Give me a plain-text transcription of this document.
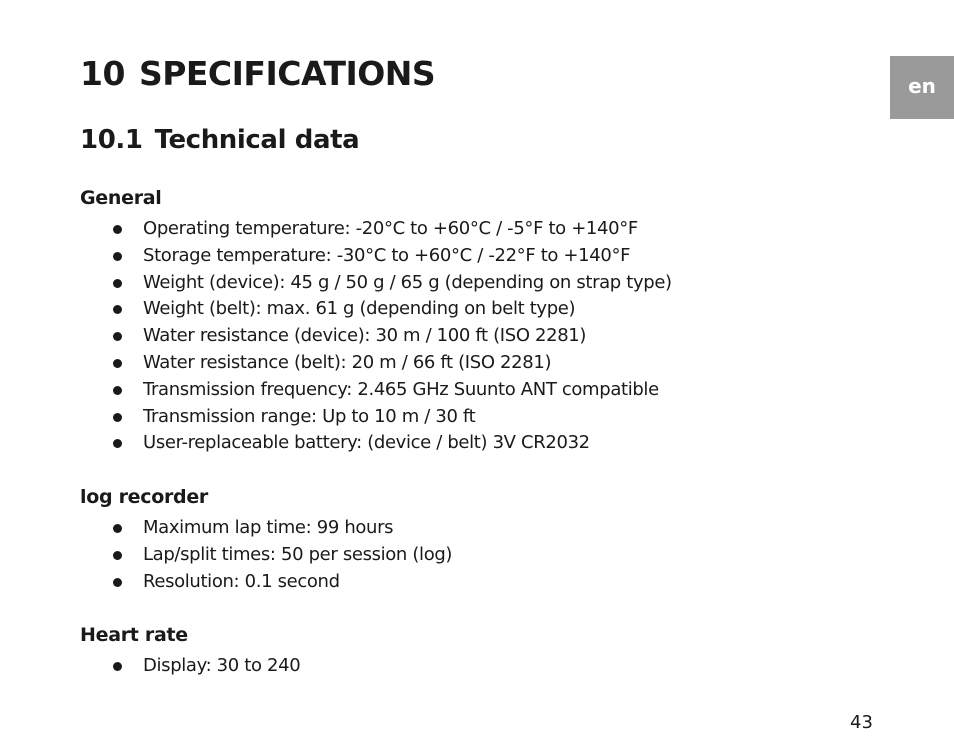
en
10 SPECIFICATIONS
10.1 Technical data
General
Operating temperature: -20°C to +60°C / -5°F to +140°F
Storage temperature: -30°C to +60°C / -22°F to +140°F
Weight (device): 45 g / 50 g / 65 g (depending on strap type)
Weight (belt): max. 61 g (depending on belt type)
Water resistance (device): 30 m / 100 ft (ISO 2281)
Water resistance (belt): 20 m / 66 ft (ISO 2281)
Transmission frequency: 2.465 GHz Suunto ANT compatible
Transmission range: Up to 10 m / 30 ft
User-replaceable battery: (device / belt) 3V CR2032
log recorder
Maximum lap time: 99 hours
Lap/split times: 50 per session (log)
Resolution: 0.1 second
Heart rate
Display: 30 to 240
43
